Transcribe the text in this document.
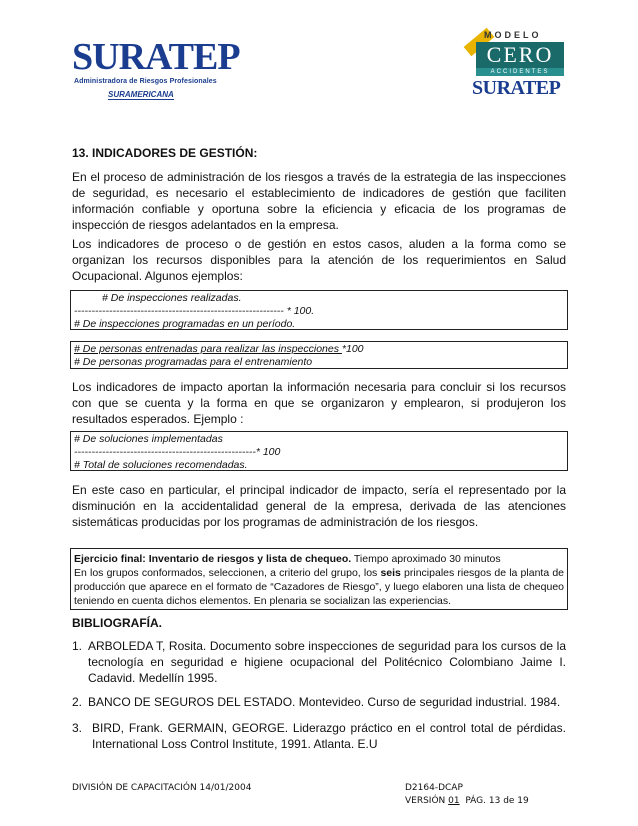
SURATEP
Administradora de Riesgos Profesionales
SURAMERICANA
MODELO
CERO
ACCIDENTES
SURATEP
13. INDICADORES DE GESTIÓN:
En el proceso de administración de los riesgos a través de la estrategia de las inspecciones de seguridad, es necesario el establecimiento de indicadores de gestión que faciliten información confiable y oportuna sobre la eficiencia y eficacia de los programas de inspección de riesgos adelantados en la empresa.
Los indicadores de proceso o de gestión en estos casos, aluden a la forma como se organizan los recursos disponibles para la atención de los requerimientos en Salud Ocupacional. Algunos ejemplos:
# De inspecciones realizadas.
------------------------------------------------------------ * 100.
# De inspecciones programadas en un período.
# De personas entrenadas para realizar las inspecciones *100
# De personas programadas para el entrenamiento
Los indicadores de impacto aportan la información necesaria para concluir si los recursos con que se cuenta y la forma en que se organizaron y emplearon, si produjeron los resultados esperados. Ejemplo :
# De soluciones implementadas
----------------------------------------------------* 100
# Total de soluciones recomendadas.
En este caso en particular, el principal indicador de impacto, sería el representado por la disminución en la accidentalidad general de la empresa, derivada de las atenciones sistemáticas producidas por los programas de administración de los riesgos.
Ejercicio final: Inventario de riesgos y lista de chequeo. Tiempo aproximado 30 minutos
En los grupos conformados, seleccionen, a criterio del grupo, los seis principales riesgos de la planta de producción que aparece en el formato de “Cazadores de Riesgo”, y luego elaboren una lista de chequeo teniendo en cuenta dichos elementos. En plenaria se socializan las experiencias.
BIBLIOGRAFÍA.
1. ARBOLEDA T, Rosita. Documento sobre inspecciones de seguridad para los cursos de la tecnología en seguridad e higiene ocupacional del Politécnico Colombiano Jaime I. Cadavid. Medellín 1995.
2. BANCO DE SEGUROS DEL ESTADO. Montevideo. Curso de seguridad industrial. 1984.
3. BIRD, Frank. GERMAIN, GEORGE. Liderazgo práctico en el control total de pérdidas. International Loss Control Institute, 1991. Atlanta. E.U
DIVISIÓN DE CAPACITACIÓN 14/01/2004	D2164-DCAP
VERSIÓN 01  PÁG. 13 de 19
